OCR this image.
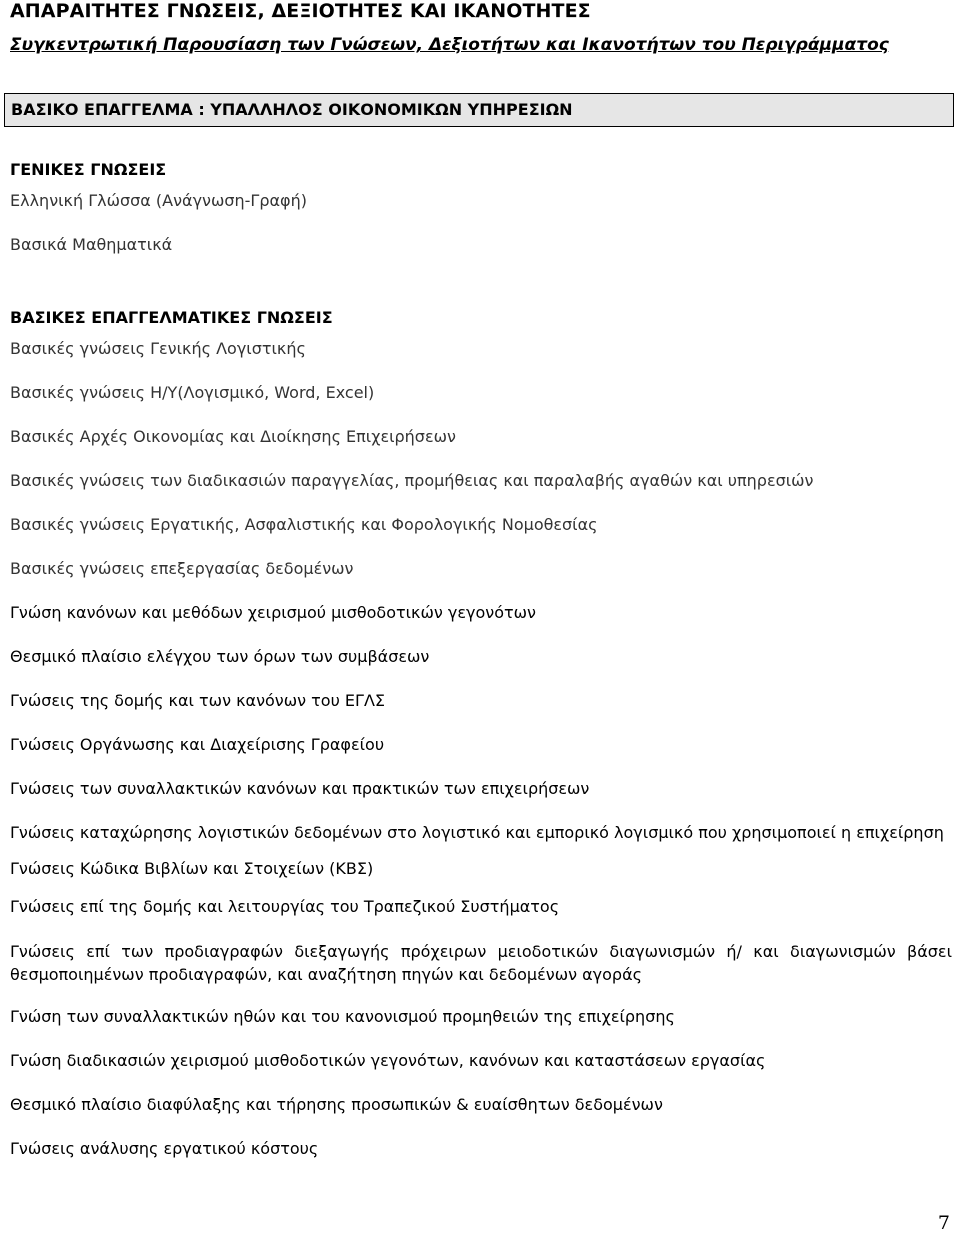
ΑΠΑΡΑΙΤΗΤΕΣ ΓΝΩΣΕΙΣ, ΔΕΞΙΟΤΗΤΕΣ ΚΑΙ ΙΚΑΝΟΤΗΤΕΣ
Συγκεντρωτική Παρουσίαση των Γνώσεων, Δεξιοτήτων και Ικανοτήτων του Περιγράμματος
ΒΑΣΙΚΟ ΕΠΑΓΓΕΛΜΑ : ΥΠΑΛΛΗΛΟΣ ΟΙΚΟΝΟΜΙΚΩΝ ΥΠΗΡΕΣΙΩΝ
ΓΕΝΙΚΕΣ ΓΝΩΣΕΙΣ
Ελληνική Γλώσσα (Ανάγνωση-Γραφή)
Βασικά Μαθηματικά
ΒΑΣΙΚΕΣ ΕΠΑΓΓΕΛΜΑΤΙΚΕΣ ΓΝΩΣΕΙΣ
Βασικές γνώσεις Γενικής Λογιστικής
Βασικές γνώσεις Η/Υ(Λογισμικό, Word, Excel)
Βασικές Αρχές Οικονομίας και Διοίκησης Επιχειρήσεων
Βασικές γνώσεις των διαδικασιών παραγγελίας, προμήθειας και παραλαβής αγαθών και υπηρεσιών
Βασικές γνώσεις Εργατικής, Ασφαλιστικής και Φορολογικής Νομοθεσίας
Βασικές γνώσεις επεξεργασίας δεδομένων
Γνώση κανόνων και μεθόδων χειρισμού μισθοδοτικών γεγονότων
Θεσμικό πλαίσιο ελέγχου των όρων των συμβάσεων
Γνώσεις της δομής και των κανόνων του ΕΓΛΣ
Γνώσεις Οργάνωσης και Διαχείρισης Γραφείου
Γνώσεις των συναλλακτικών κανόνων και πρακτικών των επιχειρήσεων
Γνώσεις καταχώρησης λογιστικών δεδομένων στο λογιστικό και εμπορικό λογισμικό που χρησιμοποιεί η επιχείρηση
Γνώσεις Κώδικα Βιβλίων και Στοιχείων (ΚΒΣ)
Γνώσεις επί της δομής και λειτουργίας του Τραπεζικού Συστήματος
Γνώσεις επί των προδιαγραφών διεξαγωγής πρόχειρων μειοδοτικών διαγωνισμών ή/ και διαγωνισμών βάσει θεσμοποιημένων προδιαγραφών, και αναζήτηση πηγών και δεδομένων αγοράς
Γνώση των συναλλακτικών ηθών και του κανονισμού προμηθειών της επιχείρησης
Γνώση διαδικασιών χειρισμού μισθοδοτικών γεγονότων, κανόνων και καταστάσεων εργασίας
Θεσμικό πλαίσιο διαφύλαξης και τήρησης προσωπικών & ευαίσθητων δεδομένων
Γνώσεις ανάλυσης εργατικού κόστους
7
